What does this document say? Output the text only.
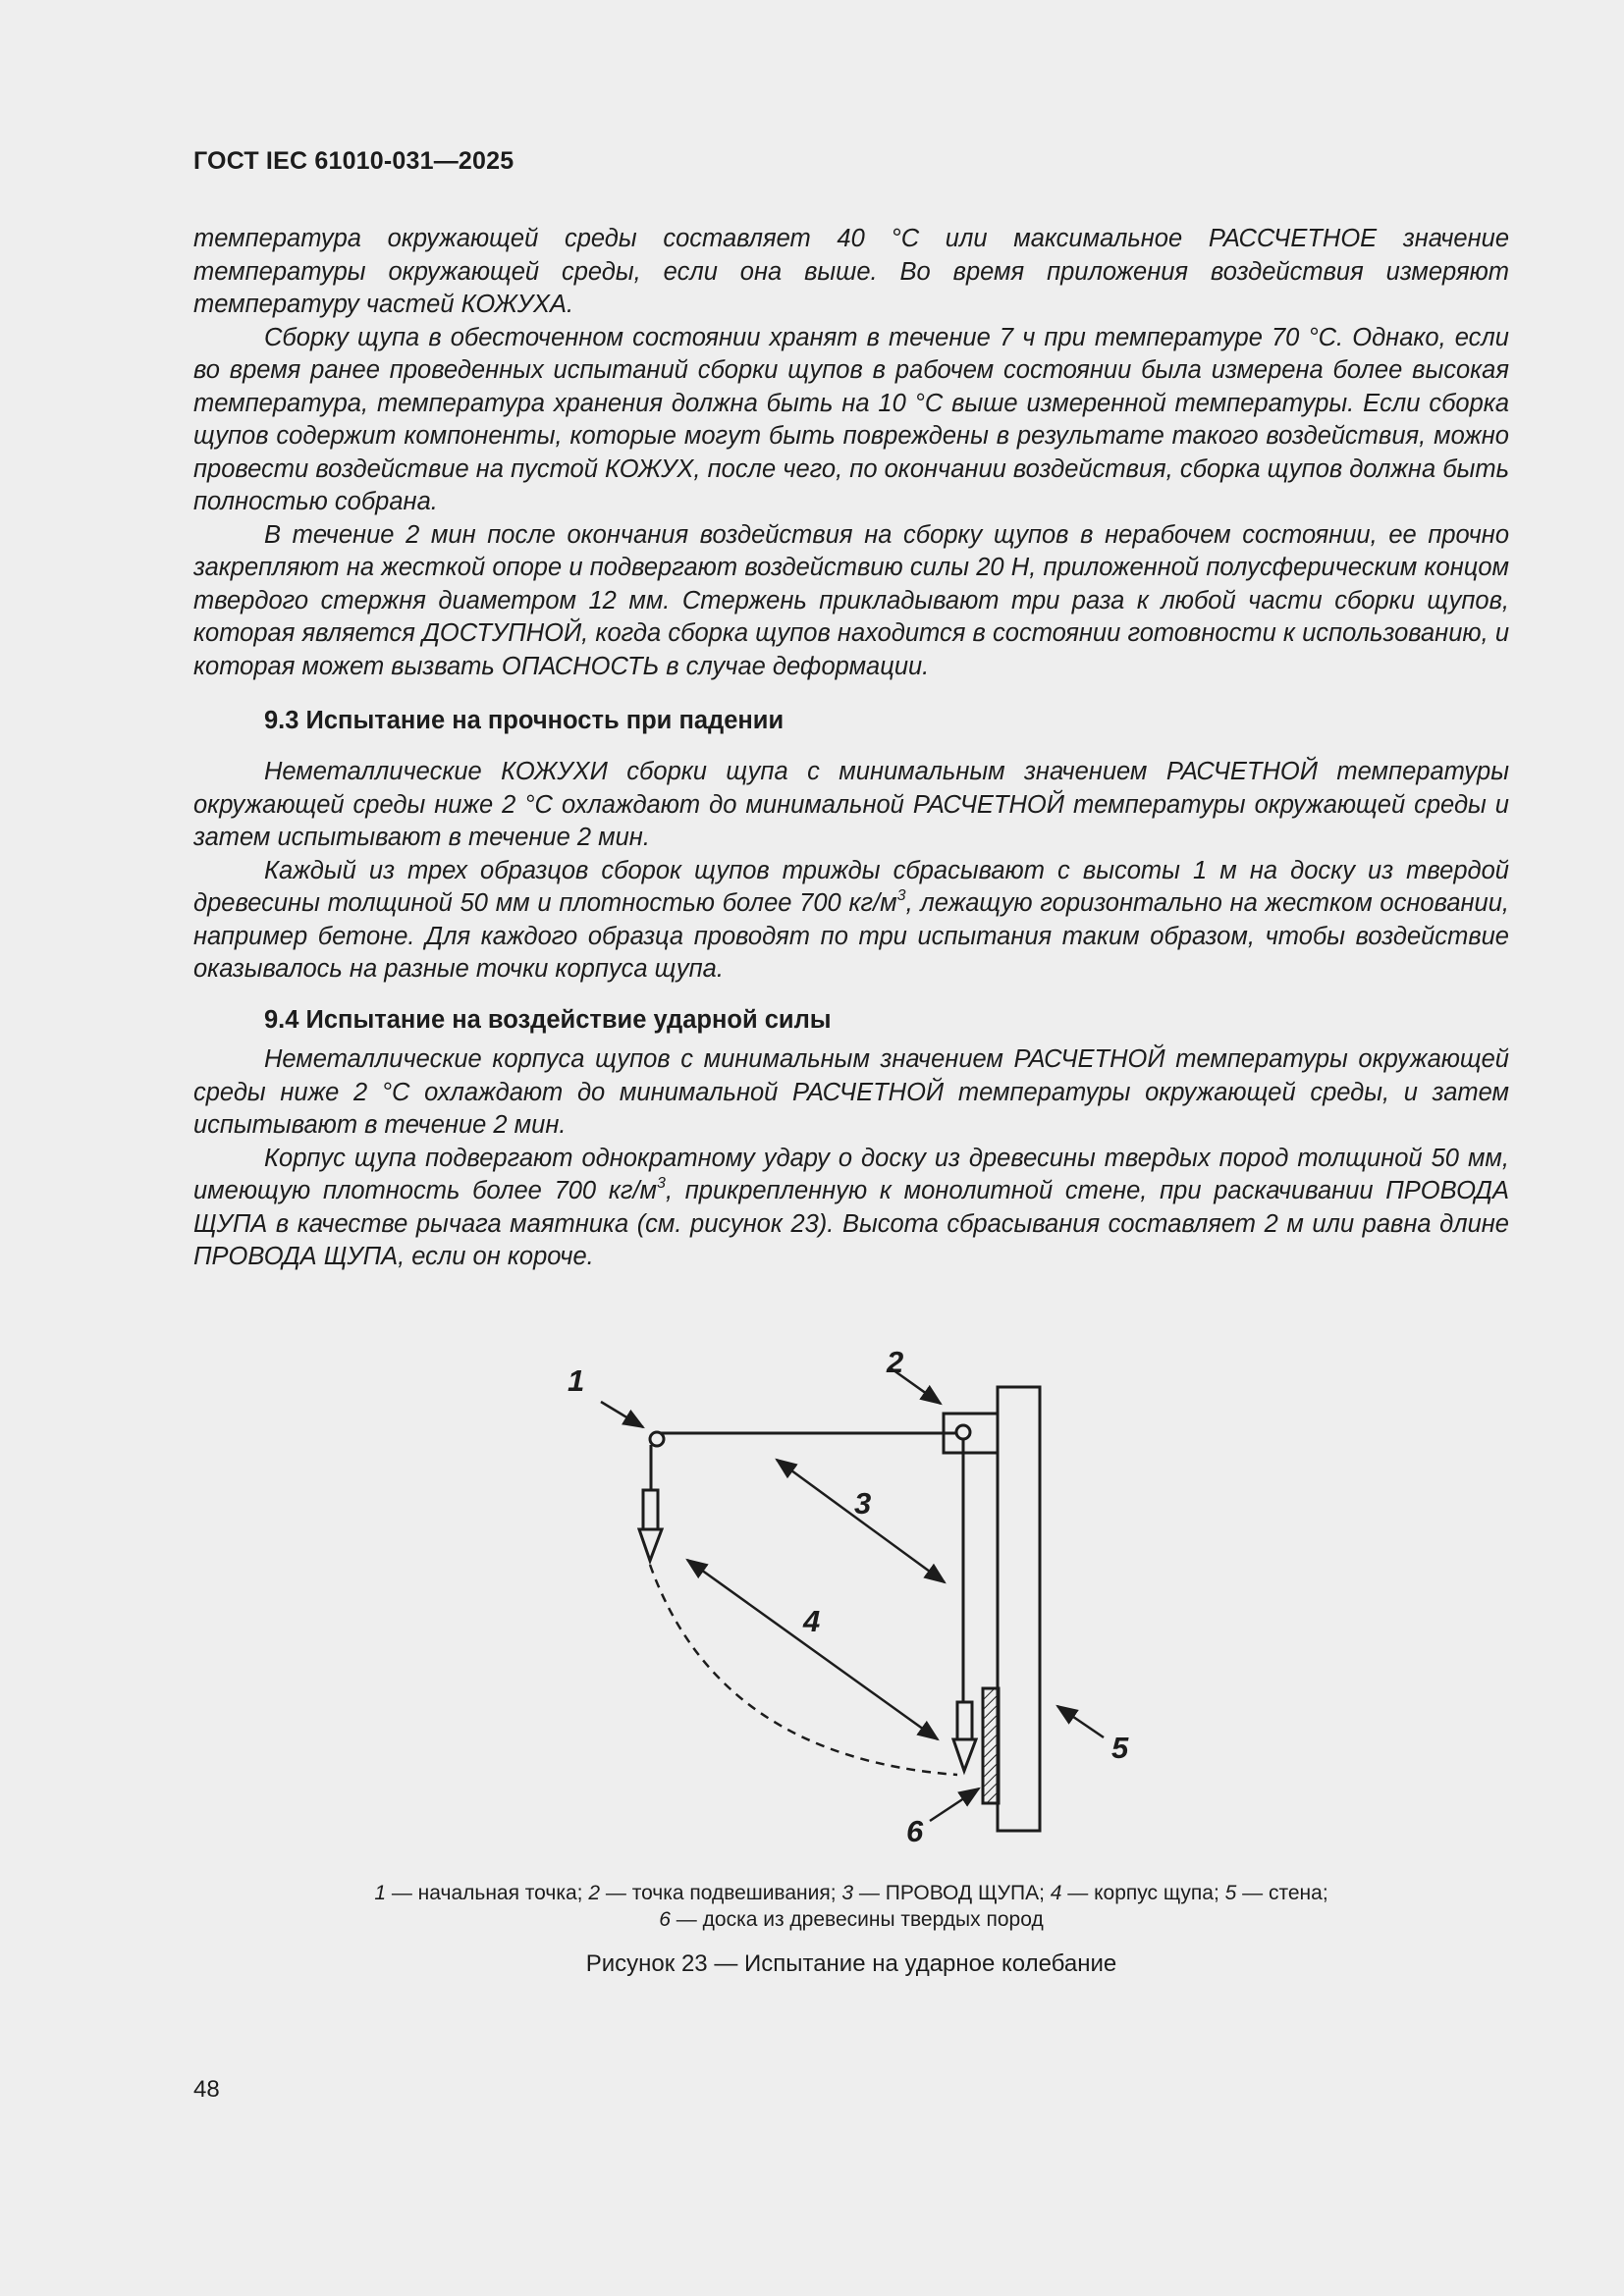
ГОСТ IEC 61010-031—2025

температура окружающей среды составляет 40 °C или максимальное РАССЧЕТНОЕ значение температуры окружающей среды, если она выше. Во время приложения воздействия измеряют температуру частей КОЖУХА.

Сборку щупа в обесточенном состоянии хранят в течение 7 ч при температуре 70 °C. Однако, если во время ранее проведенных испытаний сборки щупов в рабочем состоянии была измерена более высокая температура, температура хранения должна быть на 10 °C выше измеренной температуры. Если сборка щупов содержит компоненты, которые могут быть повреждены в результате такого воздействия, можно провести воздействие на пустой КОЖУХ, после чего, по окончании воздействия, сборка щупов должна быть полностью собрана.

В течение 2 мин после окончания воздействия на сборку щупов в нерабочем состоянии, ее прочно закрепляют на жесткой опоре и подвергают воздействию силы 20 Н, приложенной полусферическим концом твердого стержня диаметром 12 мм. Стержень прикладывают три раза к любой части сборки щупов, которая является ДОСТУПНОЙ, когда сборка щупов находится в состоянии готовности к использованию, и которая может вызвать ОПАСНОСТЬ в случае деформации.

9.3 Испытание на прочность при падении

Неметаллические КОЖУХИ сборки щупа с минимальным значением РАСЧЕТНОЙ температуры окружающей среды ниже 2 °C охлаждают до минимальной РАСЧЕТНОЙ температуры окружающей среды и затем испытывают в течение 2 мин.

Каждый из трех образцов сборок щупов трижды сбрасывают с высоты 1 м на доску из твердой древесины толщиной 50 мм и плотностью более 700 $кг/м^3$, лежащую горизонтально на жестком основании, например бетоне. Для каждого образца проводят по три испытания таким образом, чтобы воздействие оказывалось на разные точки корпуса щупа.

9.4 Испытание на воздействие ударной силы

Неметаллические корпуса щупов с минимальным значением РАСЧЕТНОЙ температуры окружающей среды ниже 2 °C охлаждают до минимальной РАСЧЕТНОЙ температуры окружающей среды, и затем испытывают в течение 2 мин.

Корпус щупа подвергают однократному удару о доску из древесины твердых пород толщиной 50 мм, имеющую плотность более 700 $кг/м^3$, прикрепленную к монолитной стене, при раскачивании ПРОВОДА ЩУПА в качестве рычага маятника (см. рисунок 23). Высота сбрасывания составляет 2 м или равна длине ПРОВОДА ЩУПА, если он короче.

1
2
3
4
5
6
1 — начальная точка; 2 — точка подвешивания; 3 — ПРОВОД ЩУПА; 4 — корпус щупа; 5 — стена;
6 — доска из древесины твердых пород
Рисунок 23 — Испытание на ударное колебание
48
